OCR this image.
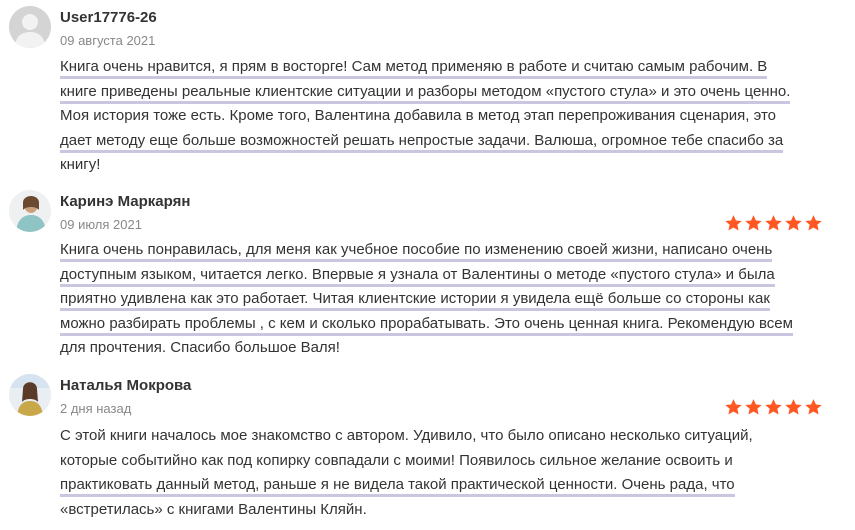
User17776-26
09 августа 2021
Книга очень нравится, я прям в восторге! Сам метод применяю в работе и считаю самым рабочим. В
книге приведены реальные клиентские ситуации и разборы методом «пустого стула» и это очень ценно.
Моя история тоже есть. Кроме того, Валентина добавила в метод этап перепроживания сценария, это
дает методу еще больше возможностей решать непростые задачи. Валюша, огромное тебе спасибо за
книгу!
Каринэ Маркарян
09 июля 2021
Книга очень понравилась, для меня как учебное пособие по изменению своей жизни, написано очень
доступным языком, читается легко. Впервые я узнала от Валентины о методе «пустого стула» и была
приятно удивлена как это работает. Читая клиентские истории я увидела ещё больше со стороны как
можно разбирать проблемы , с кем и сколько прорабатывать. Это очень ценная книга. Рекомендую всем
для прочтения. Спасибо большое Валя!
Наталья Мокрова
2 дня назад
С этой книги началось мое знакомство с автором. Удивило, что было описано несколько ситуаций,
которые событийно как под копирку совпадали с моими! Появилось сильное желание освоить и
практиковать данный метод, раньше я не видела такой практической ценности. Очень рада, что
«встретилась» с книгами Валентины Кляйн.
